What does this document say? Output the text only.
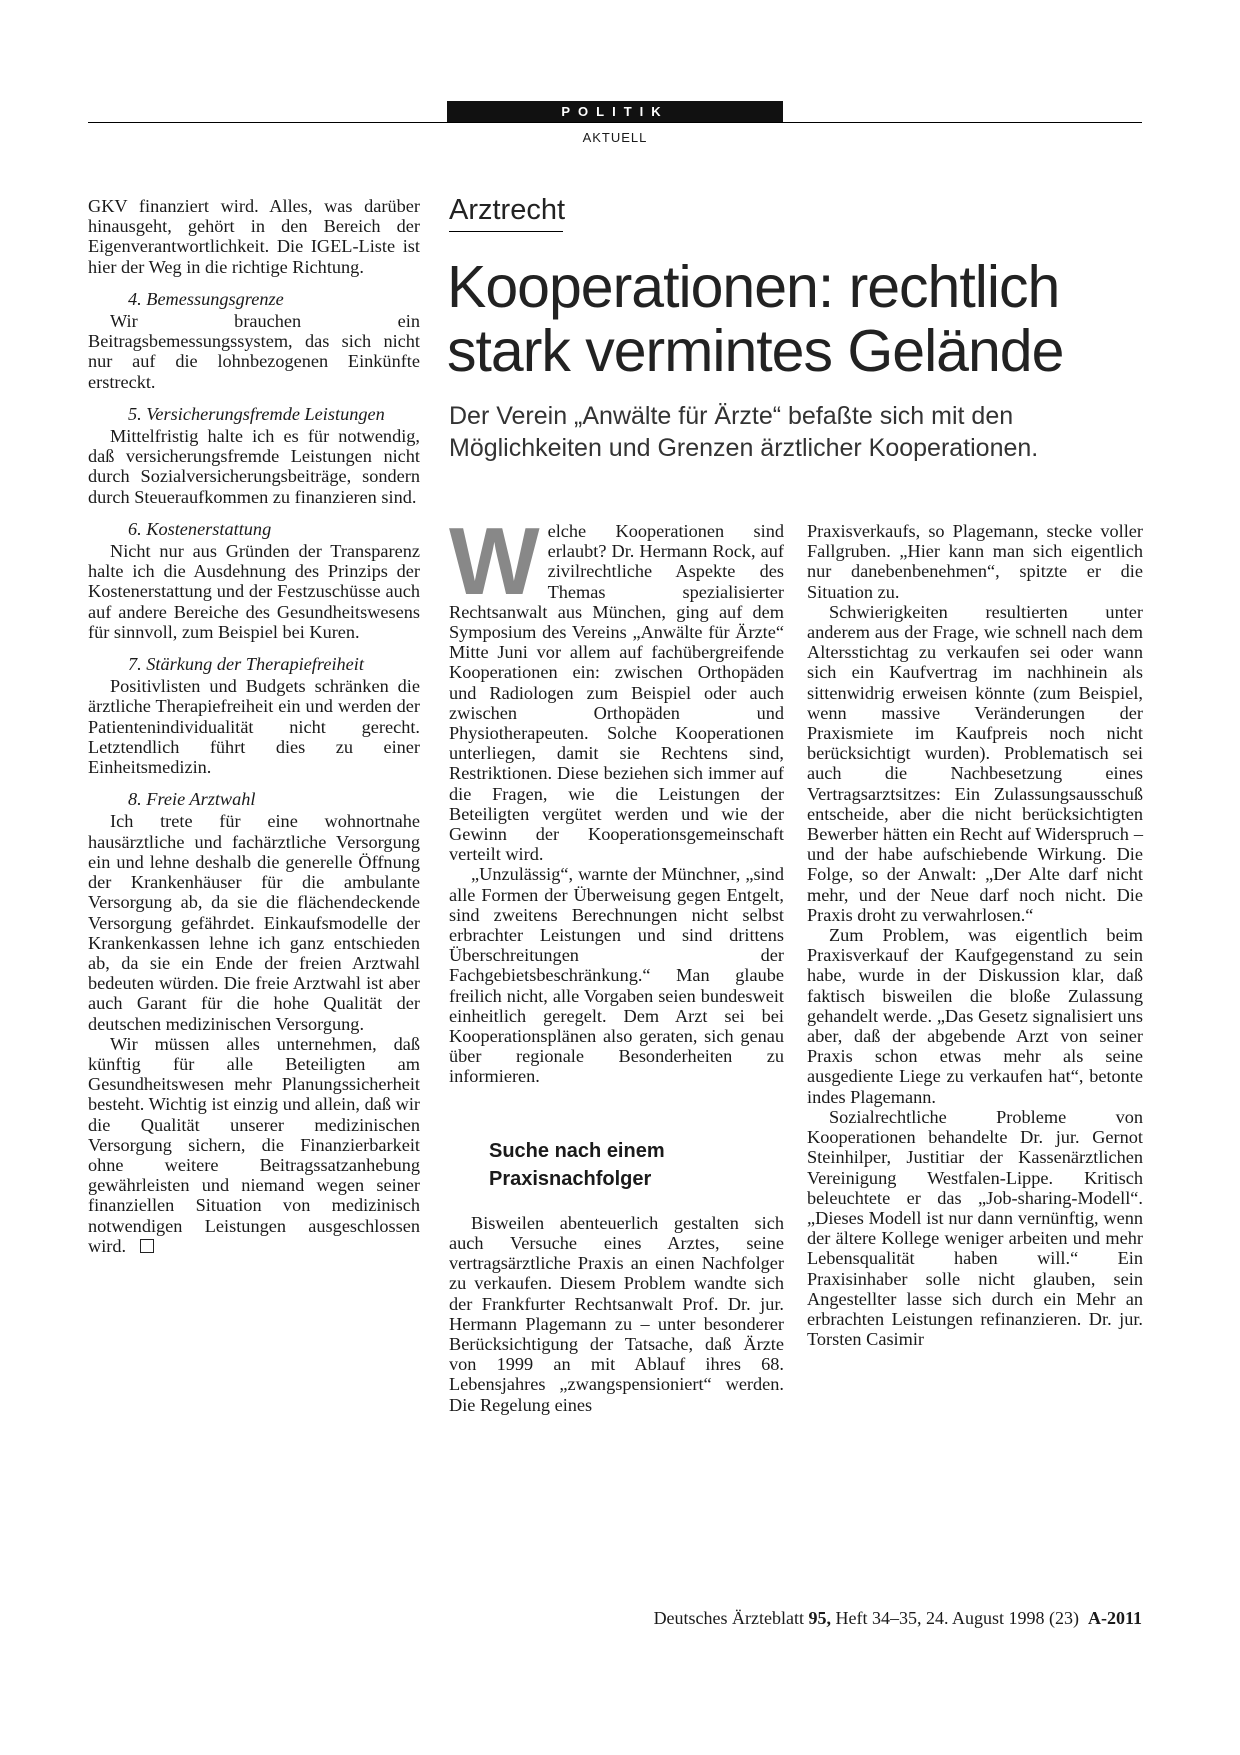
POLITIK
AKTUELL

GKV finanziert wird. Alles, was darüber hinausgeht, gehört in den Bereich der Eigenverantwortlichkeit. Die IGEL-Liste ist hier der Weg in die richtige Richtung.

4. Bemessungsgrenze

Wir brauchen ein Beitragsbemessungssystem, das sich nicht nur auf die lohnbezogenen Einkünfte erstreckt.

5. Versicherungsfremde Leistungen

Mittelfristig halte ich es für notwendig, daß versicherungsfremde Leistungen nicht durch Sozialversicherungsbeiträge, sondern durch Steueraufkommen zu finanzieren sind.

6. Kostenerstattung

Nicht nur aus Gründen der Transparenz halte ich die Ausdehnung des Prinzips der Kostenerstattung und der Festzuschüsse auch auf andere Bereiche des Gesundheitswesens für sinnvoll, zum Beispiel bei Kuren.

7. Stärkung der Therapiefreiheit

Positivlisten und Budgets schränken die ärztliche Therapiefreiheit ein und werden der Patientenindividualität nicht gerecht. Letztendlich führt dies zu einer Einheitsmedizin.

8. Freie Arztwahl

Ich trete für eine wohnortnahe hausärztliche und fachärztliche Versorgung ein und lehne deshalb die generelle Öffnung der Krankenhäuser für die ambulante Versorgung ab, da sie die flächendeckende Versorgung gefährdet. Einkaufsmodelle der Krankenkassen lehne ich ganz entschieden ab, da sie ein Ende der freien Arztwahl bedeuten würden. Die freie Arztwahl ist aber auch Garant für die hohe Qualität der deutschen medizinischen Versorgung.

Wir müssen alles unternehmen, daß künftig für alle Beteiligten am Gesundheitswesen mehr Planungssicherheit besteht. Wichtig ist einzig und allein, daß wir die Qualität unserer medizinischen Versorgung sichern, die Finanzierbarkeit ohne weitere Beitragssatzanhebung gewährleisten und niemand wegen seiner finanziellen Situation von medizinisch notwendigen Leistungen ausgeschlossen wird.

Arztrecht
Kooperationen: rechtlich stark vermintes Gelände
Der Verein „Anwälte für Ärzte“ befaßte sich mit den Möglichkeiten und Grenzen ärztlicher Kooperationen.

Welche Kooperationen sind erlaubt? Dr. Hermann Rock, auf zivilrechtliche Aspekte des Themas spezialisierter Rechtsanwalt aus München, ging auf dem Symposium des Vereins „Anwälte für Ärzte“ Mitte Juni vor allem auf fachübergreifende Kooperationen ein: zwischen Orthopäden und Radiologen zum Beispiel oder auch zwischen Orthopäden und Physiotherapeuten. Solche Kooperationen unterliegen, damit sie Rechtens sind, Restriktionen. Diese beziehen sich immer auf die Fragen, wie die Leistungen der Beteiligten vergütet werden und wie der Gewinn der Kooperationsgemeinschaft verteilt wird.

„Unzulässig“, warnte der Münchner, „sind alle Formen der Überweisung gegen Entgelt, sind zweitens Berechnungen nicht selbst erbrachter Leistungen und sind drittens Überschreitungen der Fachgebietsbeschränkung.“ Man glaube freilich nicht, alle Vorgaben seien bundesweit einheitlich geregelt. Dem Arzt sei bei Kooperationsplänen also geraten, sich genau über regionale Besonderheiten zu informieren.

Suche nach einem Praxisnachfolger

Bisweilen abenteuerlich gestalten sich auch Versuche eines Arztes, seine vertragsärztliche Praxis an einen Nachfolger zu verkaufen. Diesem Problem wandte sich der Frankfurter Rechtsanwalt Prof. Dr. jur. Hermann Plagemann zu – unter besonderer Berücksichtigung der Tatsache, daß Ärzte von 1999 an mit Ablauf ihres 68. Lebensjahres „zwangspensioniert“ werden. Die Regelung eines

Praxisverkaufs, so Plagemann, stecke voller Fallgruben. „Hier kann man sich eigentlich nur danebenbenehmen“, spitzte er die Situation zu.

Schwierigkeiten resultierten unter anderem aus der Frage, wie schnell nach dem Altersstichtag zu verkaufen sei oder wann sich ein Kaufvertrag im nachhinein als sittenwidrig erweisen könnte (zum Beispiel, wenn massive Veränderungen der Praxismiete im Kaufpreis noch nicht berücksichtigt wurden). Problematisch sei auch die Nachbesetzung eines Vertragsarztsitzes: Ein Zulassungsausschuß entscheide, aber die nicht berücksichtigten Bewerber hätten ein Recht auf Widerspruch – und der habe aufschiebende Wirkung. Die Folge, so der Anwalt: „Der Alte darf nicht mehr, und der Neue darf noch nicht. Die Praxis droht zu verwahrlosen.“

Zum Problem, was eigentlich beim Praxisverkauf der Kaufgegenstand zu sein habe, wurde in der Diskussion klar, daß faktisch bisweilen die bloße Zulassung gehandelt werde. „Das Gesetz signalisiert uns aber, daß der abgebende Arzt von seiner Praxis schon etwas mehr als seine ausgediente Liege zu verkaufen hat“, betonte indes Plagemann.

Sozialrechtliche Probleme von Kooperationen behandelte Dr. jur. Gernot Steinhilper, Justitiar der Kassenärztlichen Vereinigung Westfalen-Lippe. Kritisch beleuchtete er das „Job-sharing-Modell“. „Dieses Modell ist nur dann vernünftig, wenn der ältere Kollege weniger arbeiten und mehr Lebensqualität haben will.“ Ein Praxisinhaber solle nicht glauben, sein Angestellter lasse sich durch ein Mehr an erbrachten Leistungen refinanzieren. Dr. jur. Torsten Casimir

Deutsches Ärzteblatt 95, Heft 34–35, 24. August 1998 (23) A-2011
